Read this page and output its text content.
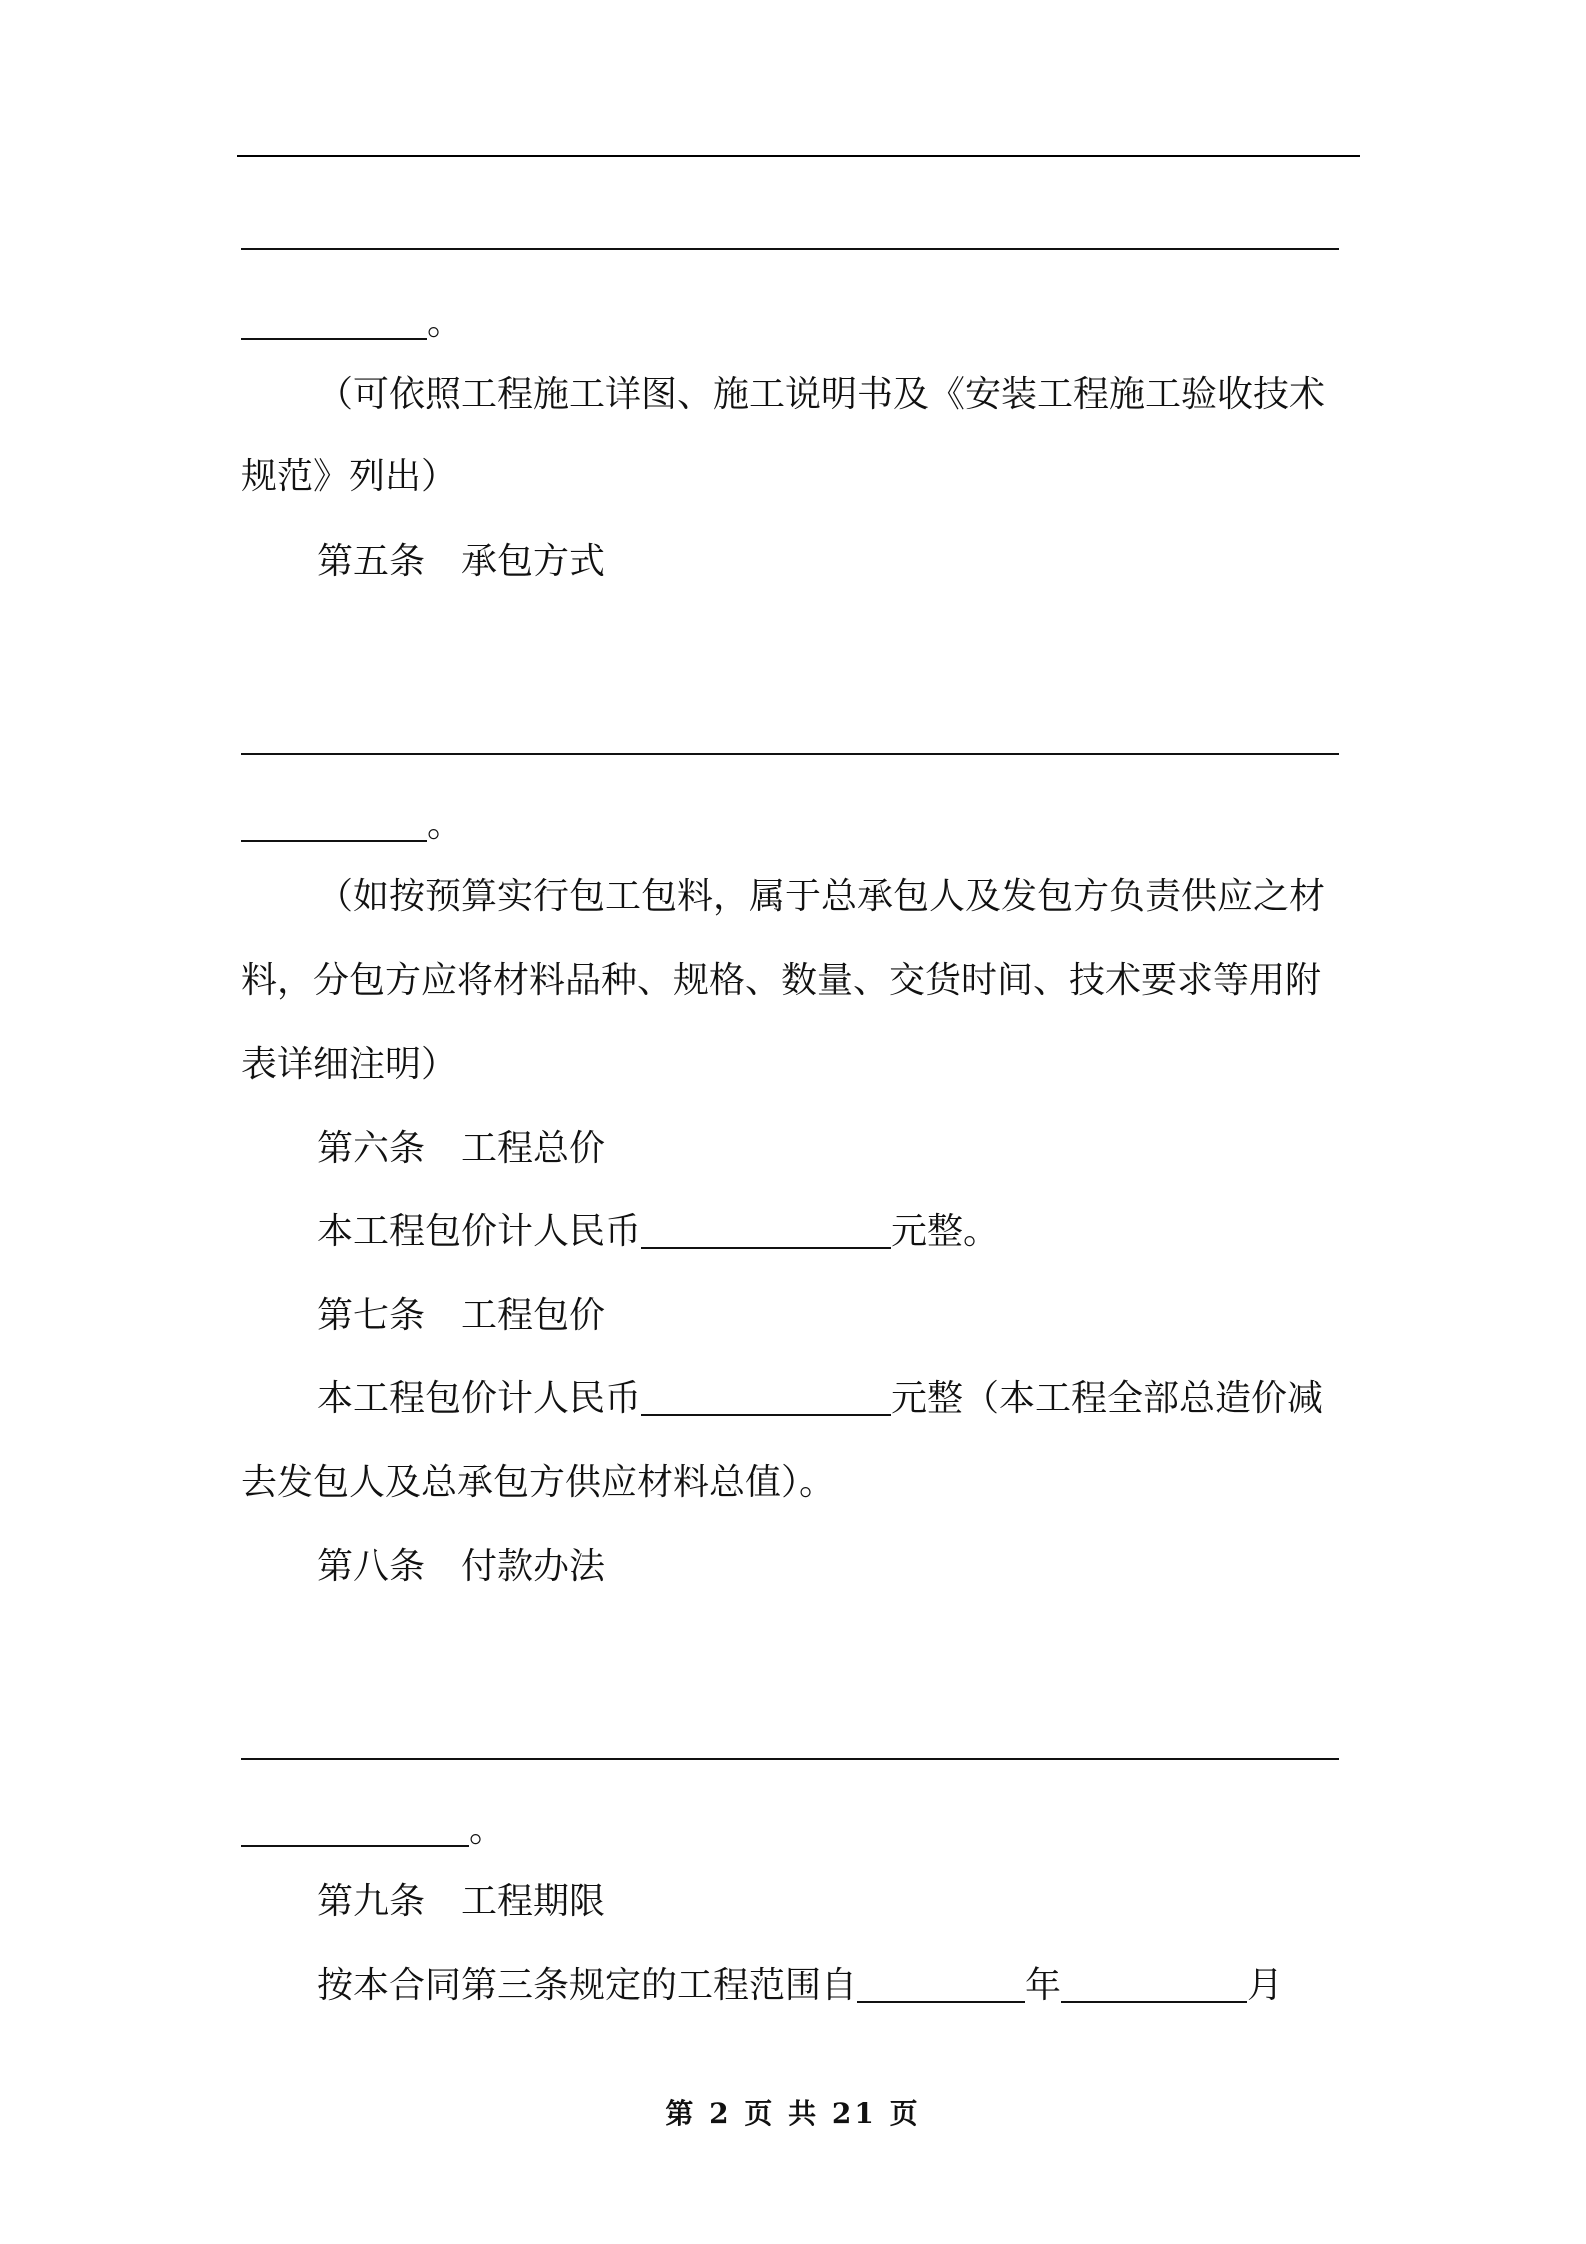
。
（可依照工程施工详图、施工说明书及《安装工程施工验收技术
规范》列出）
第五条　承包方式
。
（如按预算实行包工包料，属于总承包人及发包方负责供应之材
料，分包方应将材料品种、规格、数量、交货时间、技术要求等用附
表详细注明）
第六条　工程总价
本工程包价计人民币	元整。
第七条　工程包价
本工程包价计人民币	元整（本工程全部总造价减
去发包人及总承包方供应材料总值）。
第八条　付款办法
。
第九条　工程期限
按本合同第三条规定的工程范围自	年	月
第 2 页 共 21 页
